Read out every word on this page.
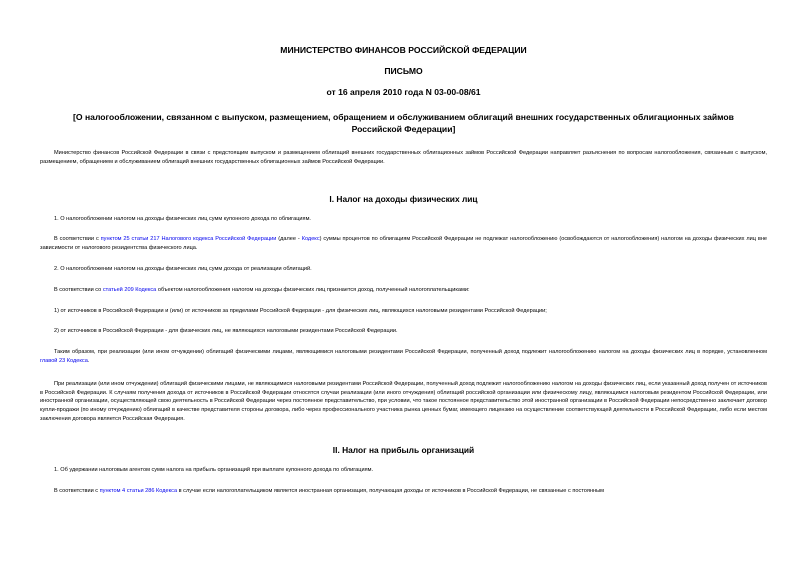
МИНИСТЕРСТВО ФИНАНСОВ РОССИЙСКОЙ ФЕДЕРАЦИИ
ПИСЬМО
от 16 апреля 2010 года N 03-00-08/61
[О налогообложении, связанном с выпуском, размещением, обращением и обслуживанием облигаций внешних государственных облигационных займов Российской Федерации]

Министерство финансов Российской Федерации в связи с предстоящим выпуском и размещением облигаций внешних государственных облигационных займов Российской Федерации направляет разъяснения по вопросам налогообложения, связанным с выпуском, размещением, обращением и обслуживанием облигаций внешних государственных облигационных займов Российской Федерации.

I. Налог на доходы физических лиц

1. О налогообложении налогом на доходы физических лиц сумм купонного дохода по облигациям.

В соответствии с пунктом 25 статьи 217 Налогового кодекса Российской Федерации (далее - Кодекс) суммы процентов по облигациям Российской Федерации не подлежат налогообложению (освобождаются от налогообложения) налогом на доходы физических лиц вне зависимости от налогового резидентства физического лица.

2. О налогообложении налогом на доходы физических лиц сумм дохода от реализации облигаций.

В соответствии со статьей 209 Кодекса объектом налогообложения налогом на доходы физических лиц признается доход, полученный налогоплательщиками:

1) от источников в Российской Федерации и (или) от источников за пределами Российской Федерации - для физических лиц, являющихся налоговыми резидентами Российской Федерации;

2) от источников в Российской Федерации - для физических лиц, не являющихся налоговыми резидентами Российской Федерации.

Таким образом, при реализации (или ином отчуждении) облигаций физическими лицами, являющимися налоговыми резидентами Российской Федерации, полученный доход подлежит налогообложению налогом на доходы физических лиц в порядке, установленном главой 23 Кодекса.

При реализации (или ином отчуждении) облигаций физическими лицами, не являющимися налоговыми резидентами Российской Федерации, полученный доход подлежит налогообложению налогом на доходы физических лиц, если указанный доход получен от источников в Российской Федерации. К случаям получения дохода от источников в Российской Федерации относятся случаи реализации (или иного отчуждения) облигаций российской организации или физическому лицу, являющимся налоговым резидентом Российской Федерации, или иностранной организации, осуществляющей свою деятельность в Российской Федерации через постоянное представительство, при условии, что такое постоянное представительство этой иностранной организации в Российской Федерации непосредственно заключает договор купли-продажи (по иному отчуждению) облигаций в качестве представителя стороны договора, либо через профессионального участника рынка ценных бумаг, имеющего лицензию на осуществление соответствующей деятельности в Российской Федерации, либо если местом заключения договора является Российская Федерация.

II. Налог на прибыль организаций

1. Об удержании налоговым агентом сумм налога на прибыль организаций при выплате купонного дохода по облигациям.

В соответствии с пунктом 4 статьи 286 Кодекса в случае если налогоплательщиком является иностранная организация, получающая доходы от источников в Российской Федерации, не связанные с постоянным
